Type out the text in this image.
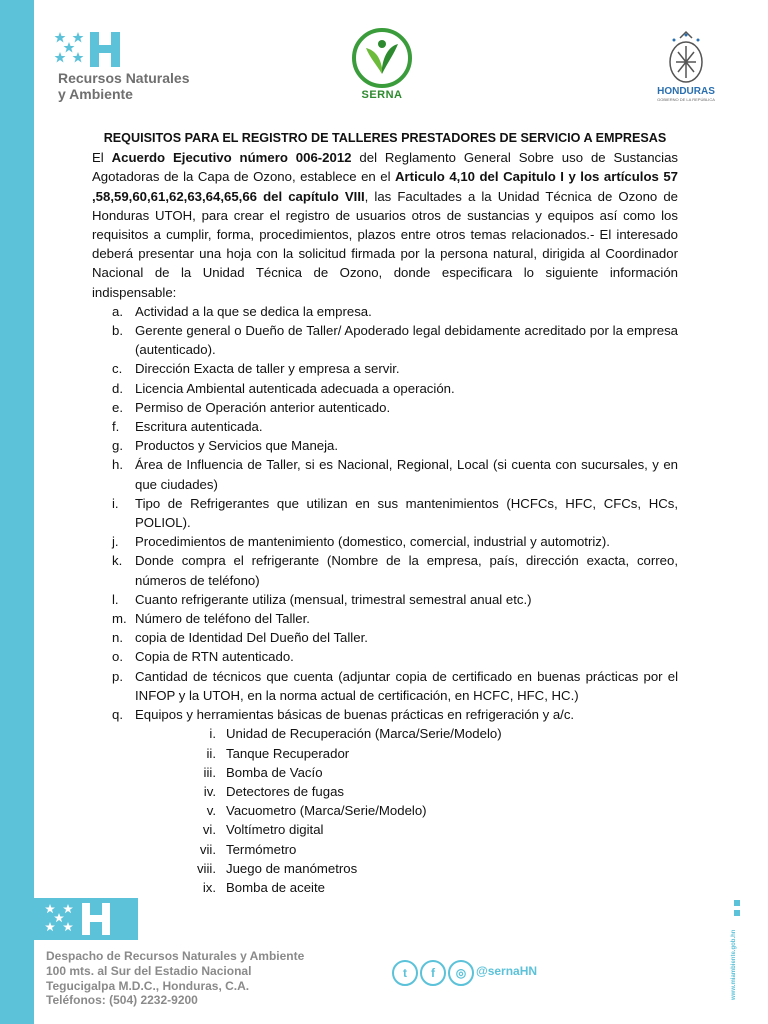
Recursos Naturales
y Ambiente	SERNA	HONDURAS
GOBIERNO DE LA REPÚBLICA
REQUISITOS PARA EL REGISTRO DE TALLERES PRESTADORES DE SERVICIO A EMPRESAS
El Acuerdo Ejecutivo número 006-2012 del Reglamento General Sobre uso de Sustancias Agotadoras de la Capa de Ozono, establece en el Articulo 4,10 del Capitulo I y los artículos 57 ,58,59,60,61,62,63,64,65,66 del capítulo VIII, las Facultades a la Unidad Técnica de Ozono de Honduras UTOH, para crear el registro de usuarios otros de sustancias y equipos así como los requisitos a cumplir, forma, procedimientos, plazos entre otros temas relacionados.- El interesado deberá presentar una hoja con la solicitud firmada por la persona natural, dirigida al Coordinador Nacional de la Unidad Técnica de Ozono, donde especificara lo siguiente información indispensable:
a. Actividad a la que se dedica la empresa.
b. Gerente general o Dueño de Taller/ Apoderado legal debidamente acreditado por la empresa (autenticado).
c. Dirección Exacta de taller y empresa a servir.
d. Licencia Ambiental autenticada adecuada a operación.
e. Permiso de Operación anterior autenticado.
f. Escritura autenticada.
g. Productos y Servicios que Maneja.
h. Área de Influencia de Taller, si es Nacional, Regional, Local (si cuenta con sucursales, y en que ciudades)
i. Tipo de Refrigerantes que utilizan en sus mantenimientos (HCFCs, HFC, CFCs, HCs, POLIOL).
j. Procedimientos de mantenimiento (domestico, comercial, industrial y automotriz).
k. Donde compra el refrigerante (Nombre de la empresa, país, dirección exacta, correo, números de teléfono)
l. Cuanto refrigerante utiliza (mensual, trimestral semestral anual etc.)
m. Número de teléfono del Taller.
n. copia de Identidad Del Dueño del Taller.
o. Copia de RTN autenticado.
p. Cantidad de técnicos que cuenta (adjuntar copia de certificado en buenas prácticas por el INFOP y la UTOH, en la norma actual de certificación, en HCFC, HFC, HC.)
q. Equipos y herramientas básicas de buenas prácticas en refrigeración y a/c.
i. Unidad de Recuperación (Marca/Serie/Modelo)
ii. Tanque Recuperador
iii. Bomba de Vacío
iv. Detectores de fugas
v. Vacuometro (Marca/Serie/Modelo)
vi. Voltímetro digital
vii. Termómetro
viii. Juego de manómetros
ix. Bomba de aceite
Despacho de Recursos Naturales y Ambiente
100 mts. al Sur del Estadio Nacional
Tegucigalpa M.D.C., Honduras, C.A.
Teléfonos: (504) 2232-9200
t	f	◎ @sernaHN	www.miambiente.gob.hn
